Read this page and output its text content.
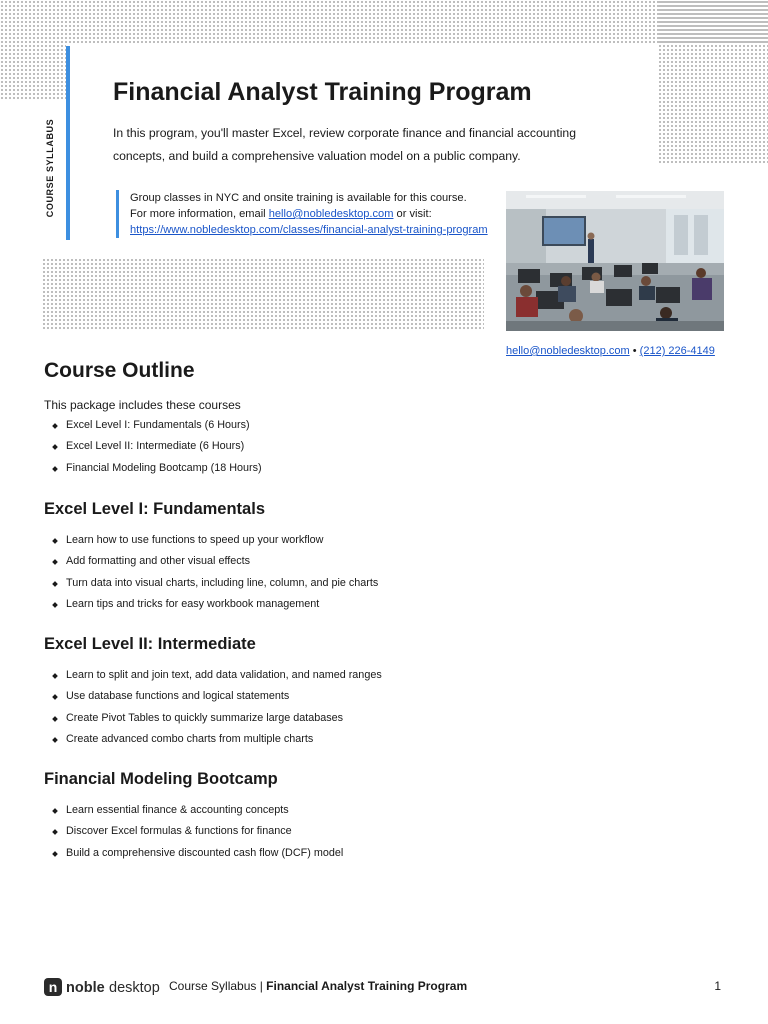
COURSE SYLLABUS
Financial Analyst Training Program

In this program, you'll master Excel, review corporate finance and financial accounting
concepts, and build a comprehensive valuation model on a public company.

Group classes in NYC and onsite training is available for this course.
For more information, email hello@nobledesktop.com or visit:
https://www.nobledesktop.com/classes/financial-analyst-training-program
hello@nobledesktop.com • (212) 226-4149
Course Outline
This package includes these courses
Excel Level I: Fundamentals (6 Hours)
Excel Level II: Intermediate (6 Hours)
Financial Modeling Bootcamp (18 Hours)
Excel Level I: Fundamentals
Learn how to use functions to speed up your workflow
Add formatting and other visual effects
Turn data into visual charts, including line, column, and pie charts
Learn tips and tricks for easy workbook management
Excel Level II: Intermediate
Learn to split and join text, add data validation, and named ranges
Use database functions and logical statements
Create Pivot Tables to quickly summarize large databases
Create advanced combo charts from multiple charts
Financial Modeling Bootcamp
Learn essential finance & accounting concepts
Discover Excel formulas & functions for finance
Build a comprehensive discounted cash flow (DCF) model
n noble desktop Course Syllabus | Financial Analyst Training Program	1
